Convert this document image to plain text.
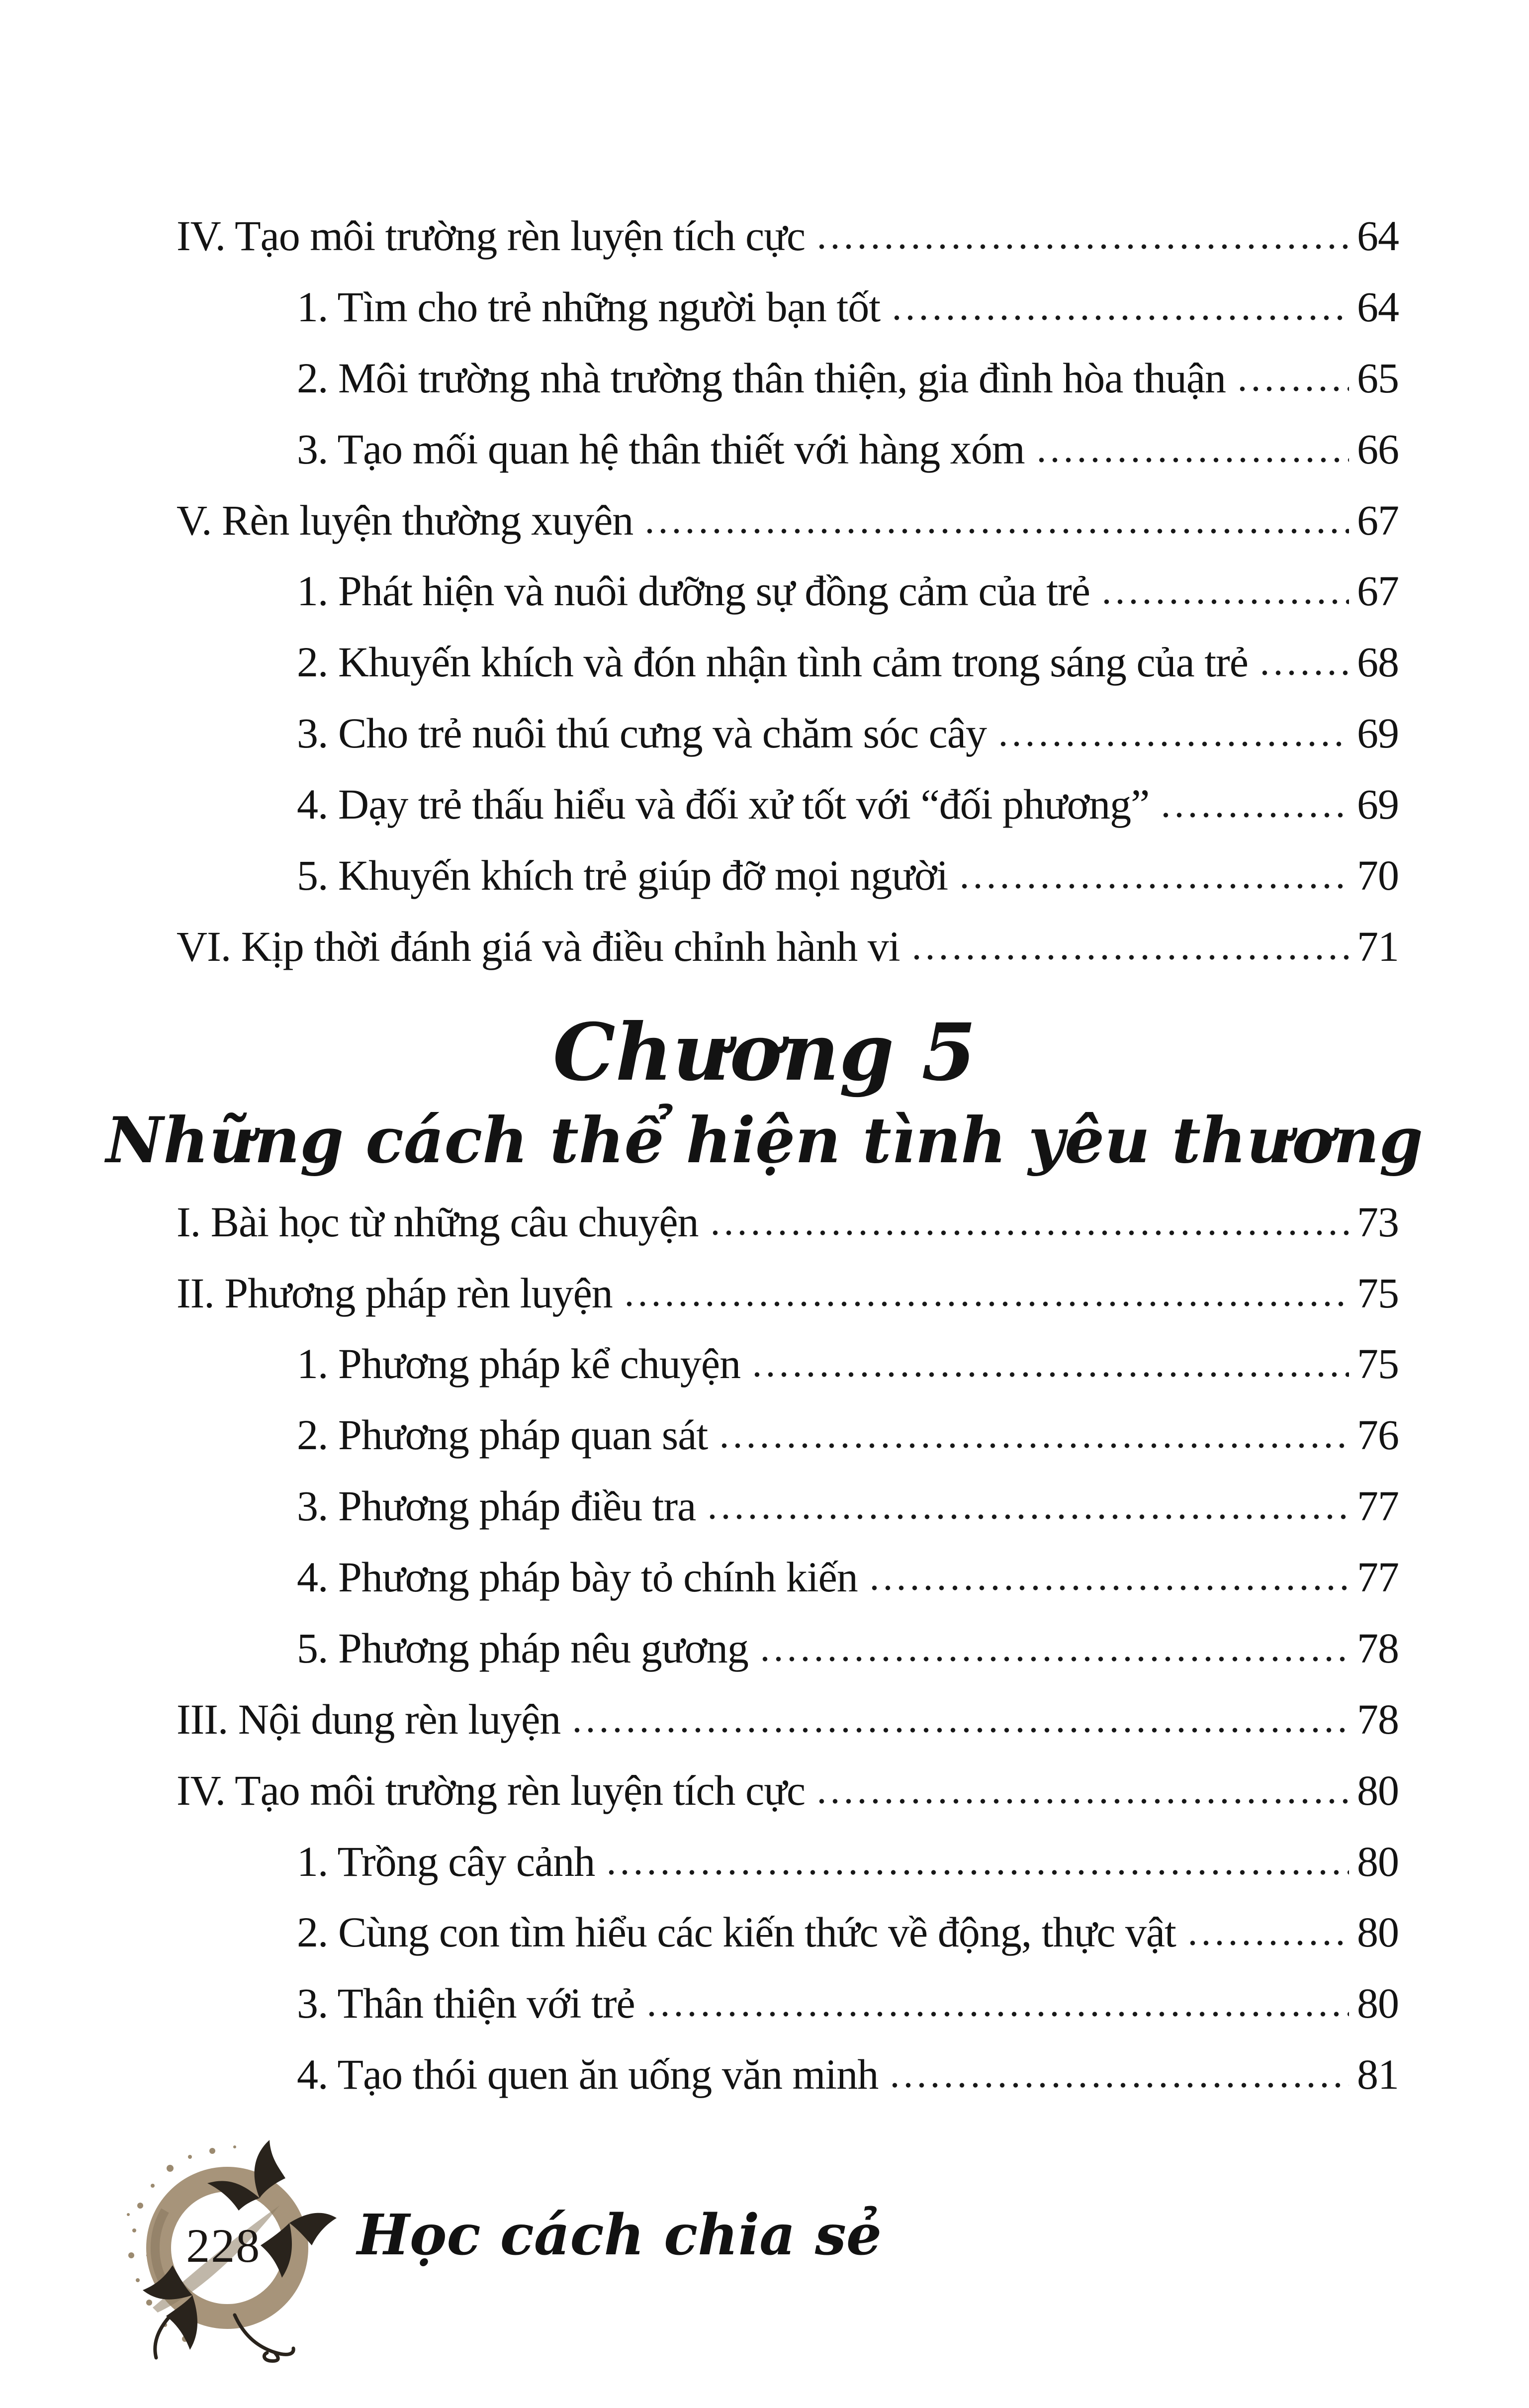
IV. Tạo môi trường rèn luyện tích cực	64
1. Tìm cho trẻ những người bạn tốt	64
2. Môi trường nhà trường thân thiện, gia đình hòa thuận	65
3. Tạo mối quan hệ thân thiết với hàng xóm	66
V. Rèn luyện thường xuyên	67
1. Phát hiện và nuôi dưỡng sự đồng cảm của trẻ	67
2. Khuyến khích và đón nhận tình cảm trong sáng của trẻ	68
3. Cho trẻ nuôi thú cưng và chăm sóc cây	69
4. Dạy trẻ thấu hiểu và đối xử tốt với “đối phương”	69
5. Khuyến khích trẻ giúp đỡ mọi người	70
VI. Kịp thời đánh giá và điều chỉnh hành vi	71
Chương 5
Những cách thể hiện tình yêu thương
I. Bài học từ những câu chuyện	73
II. Phương pháp rèn luyện	75
1. Phương pháp kể chuyện	75
2. Phương pháp quan sát	76
3. Phương pháp điều tra	77
4. Phương pháp bày tỏ chính kiến	77
5. Phương pháp nêu gương	78
III. Nội dung rèn luyện	78
IV. Tạo môi trường rèn luyện tích cực	80
1. Trồng cây cảnh	80
2. Cùng con tìm hiểu các kiến thức về động, thực vật	80
3. Thân thiện với trẻ	80
4. Tạo thói quen ăn uống văn minh	81
228 Học cách chia sẻ
